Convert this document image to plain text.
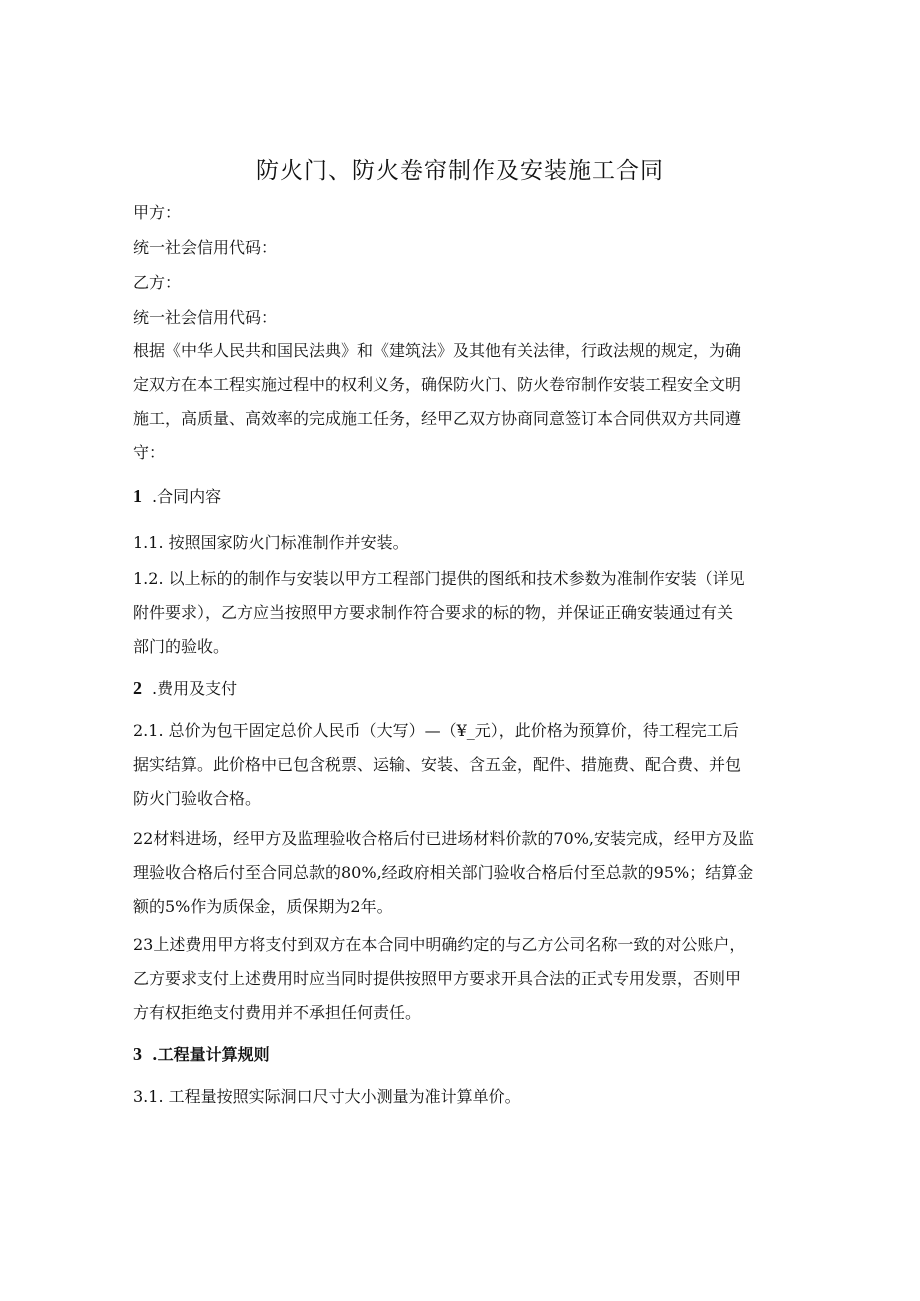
防火门、防火卷帘制作及安装施工合同
甲方：
统一社会信用代码：
乙方：
统一社会信用代码：
根据《中华人民共和国民法典》和《建筑法》及其他有关法律，行政法规的规定，为确
定双方在本工程实施过程中的权利义务，确保防火门、防火卷帘制作安装工程安全文明
施工，高质量、高效率的完成施工任务，经甲乙双方协商同意签订本合同供双方共同遵
守：
1 .合同内容
1.1. 按照国家防火门标准制作并安装。
1.2. 以上标的的制作与安装以甲方工程部门提供的图纸和技术参数为准制作安装（详见
附件要求），乙方应当按照甲方要求制作符合要求的标的物，并保证正确安装通过有关
部门的验收。
2 .费用及支付
2.1. 总价为包干固定总价人民币（大写）—（¥_元），此价格为预算价，待工程完工后
据实结算。此价格中已包含税票、运输、安装、含五金，配件、措施费、配合费、并包
防火门验收合格。
22材料进场，经甲方及监理验收合格后付已进场材料价款的70%,安装完成，经甲方及监
理验收合格后付至合同总款的80%,经政府相关部门验收合格后付至总款的95%；结算金
额的5%作为质保金，质保期为2年。
23上述费用甲方将支付到双方在本合同中明确约定的与乙方公司名称一致的对公账户，
乙方要求支付上述费用时应当同时提供按照甲方要求开具合法的正式专用发票，否则甲
方有权拒绝支付费用并不承担任何责任。
3 .工程量计算规则
3.1. 工程量按照实际洞口尺寸大小测量为准计算单价。
